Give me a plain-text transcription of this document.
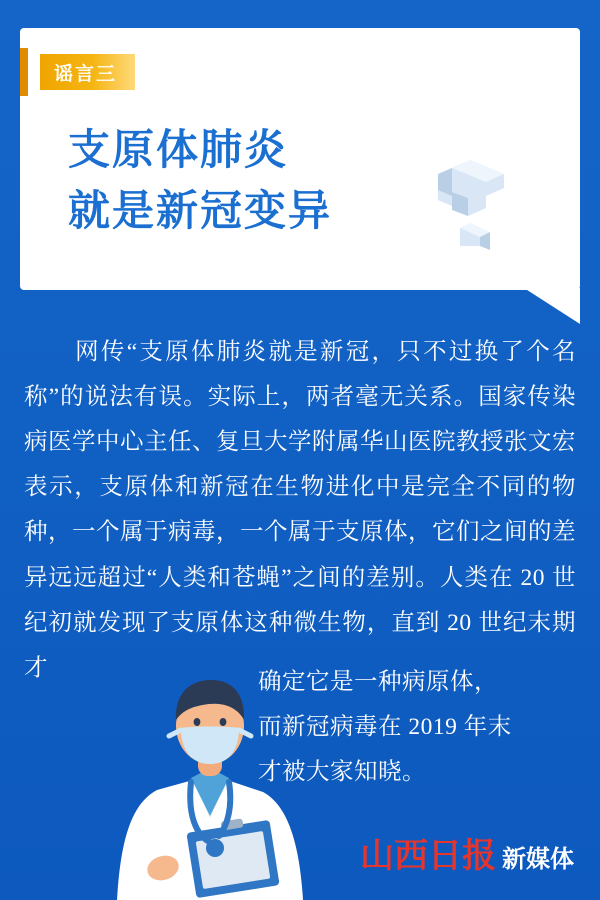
谣言三
支原体肺炎
就是新冠变异

网传“支原体肺炎就是新冠，只不过换了个名称”的说法有误。实际上，两者毫无关系。国家传染病医学中心主任、复旦大学附属华山医院教授张文宏表示，支原体和新冠在生物进化中是完全不同的物种，一个属于病毒，一个属于支原体，它们之间的差异远远超过“人类和苍蝇”之间的差别。人类在 20 世纪初就发现了支原体这种微生物，直到 20 世纪末期才

确定它是一种病原体，
而新冠病毒在 2019 年末
才被大家知晓。
山西日报 新媒体
